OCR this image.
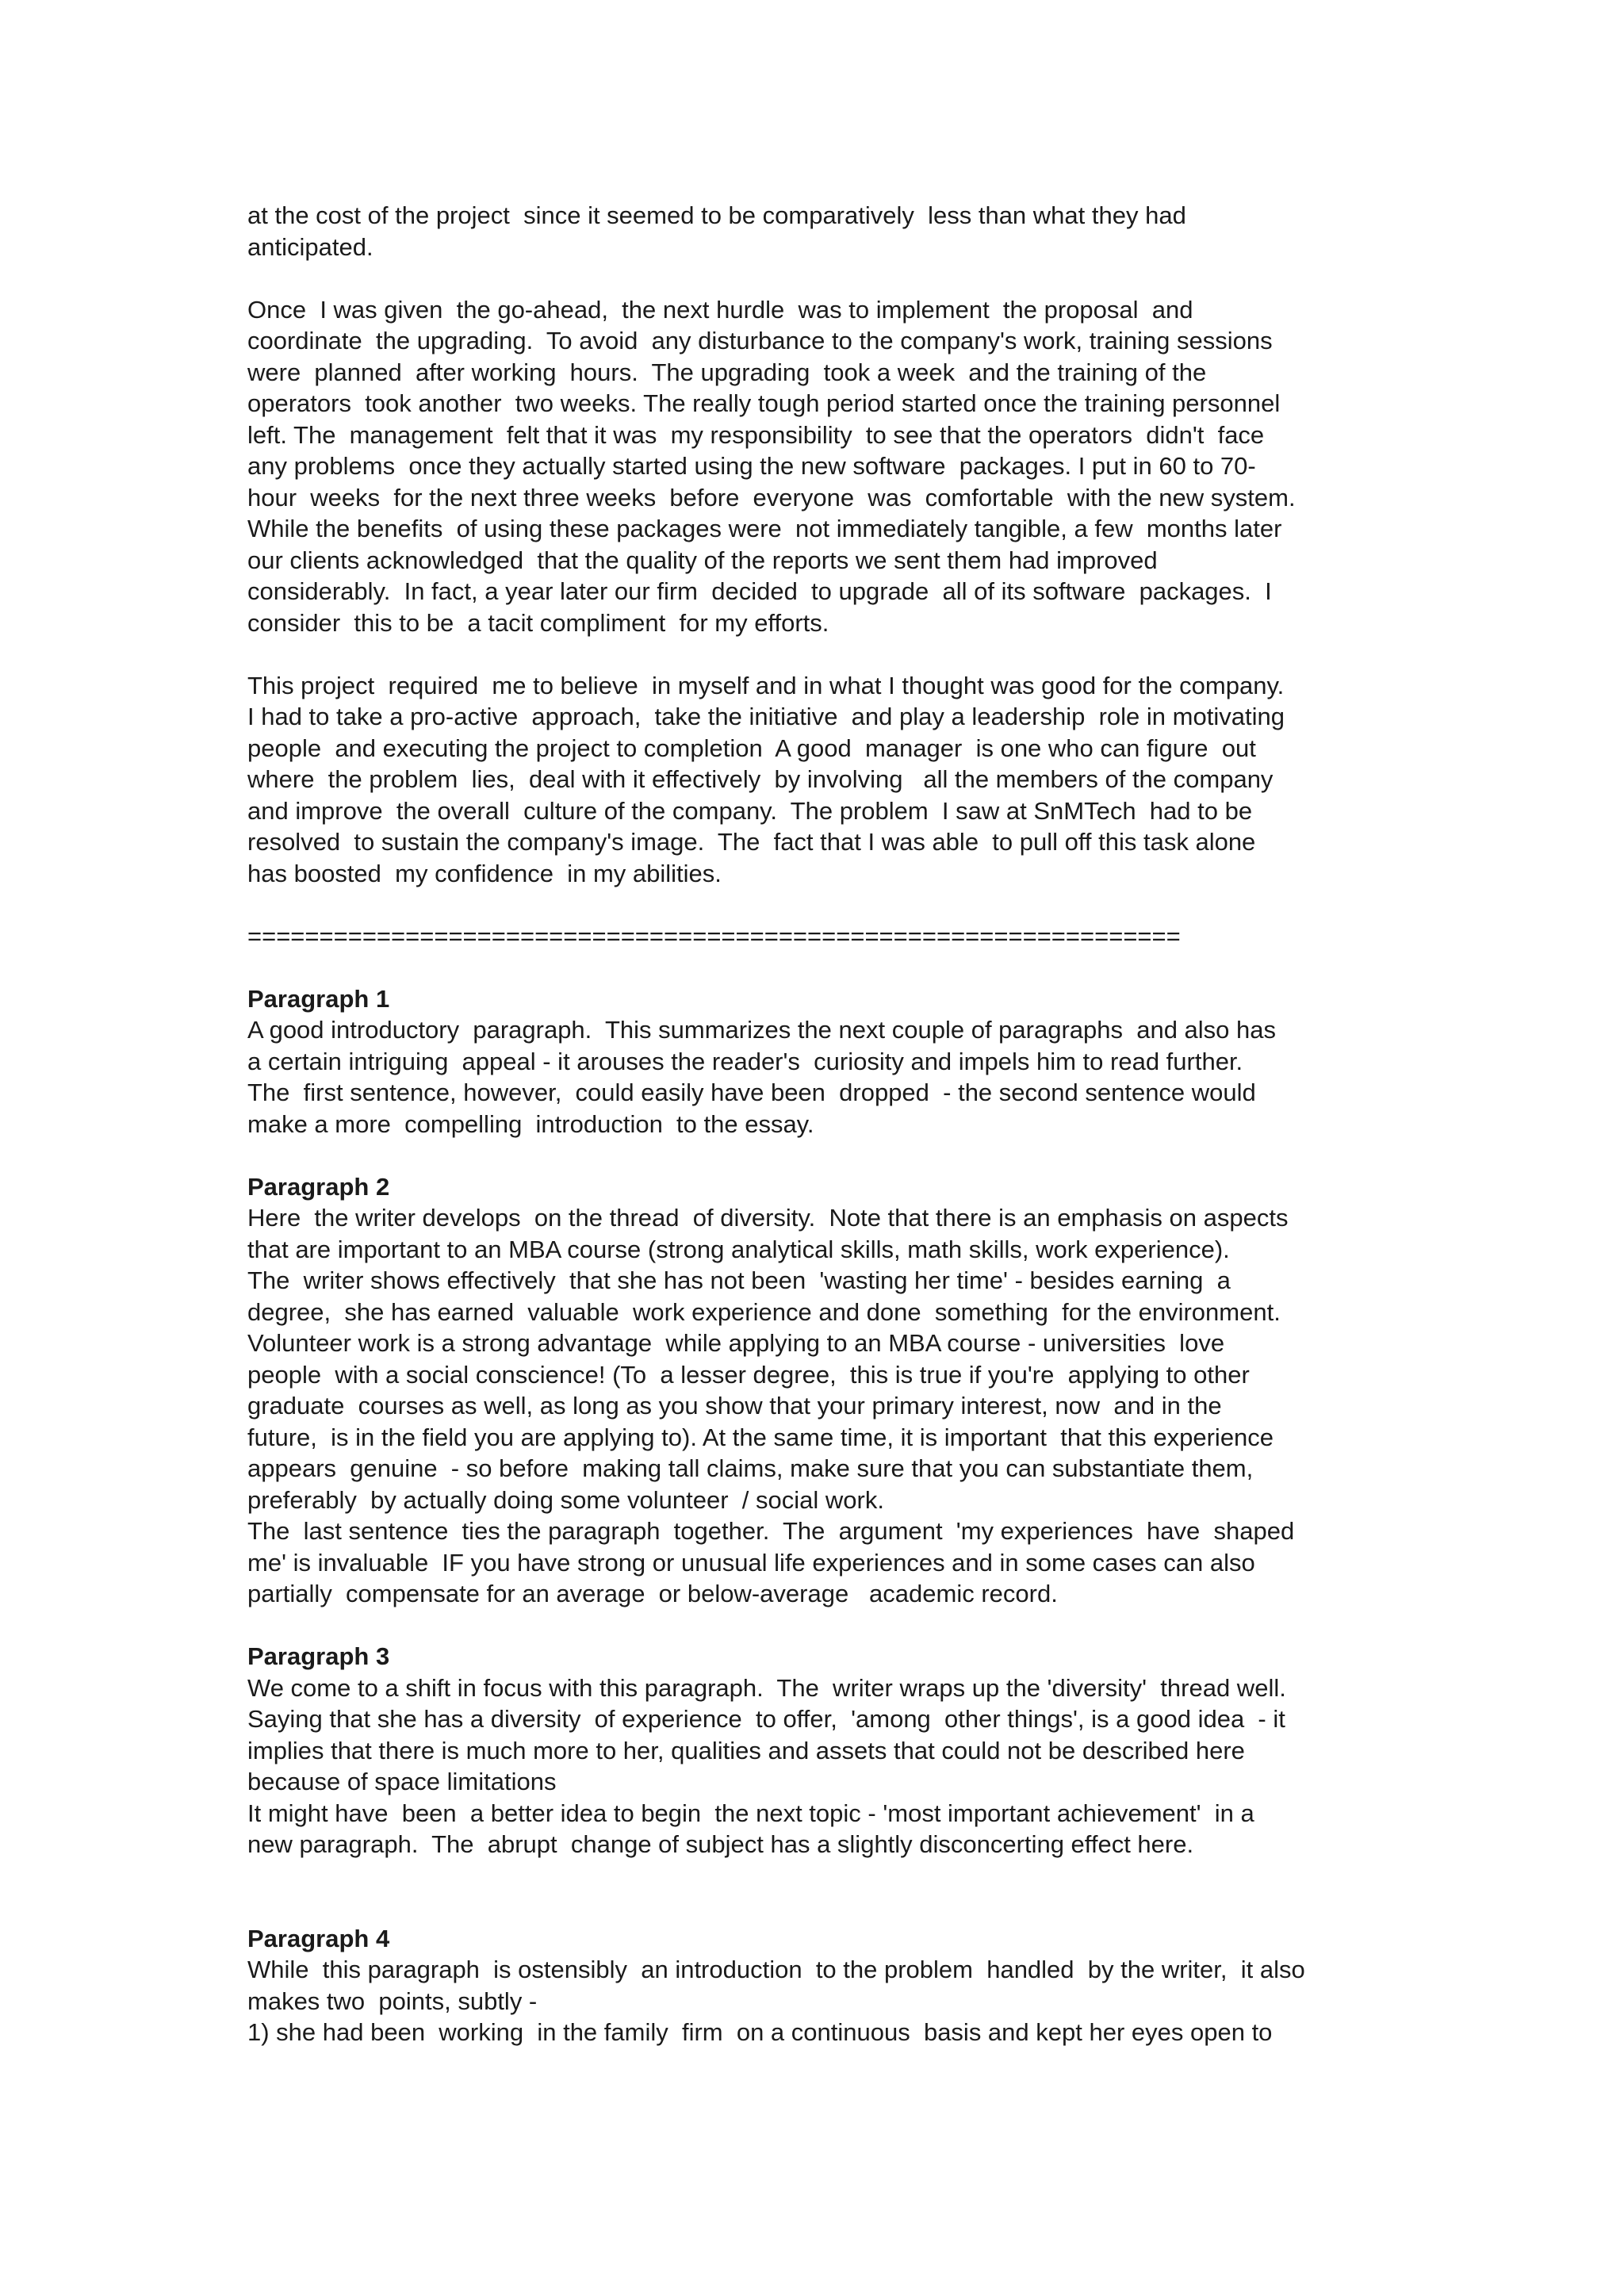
at the cost of the project  since it seemed to be comparatively  less than what they had
anticipated.
Once  I was given  the go-ahead,  the next hurdle  was to implement  the proposal  and
coordinate  the upgrading.  To avoid  any disturbance to the company's work, training sessions
were  planned  after working  hours.  The upgrading  took a week  and the training of the
operators  took another  two weeks. The really tough period started once the training personnel
left. The  management  felt that it was  my responsibility  to see that the operators  didn't  face
any problems  once they actually started using the new software  packages. I put in 60 to 70-
hour  weeks  for the next three weeks  before  everyone  was  comfortable  with the new system.
While the benefits  of using these packages were  not immediately tangible, a few  months later
our clients acknowledged  that the quality of the reports we sent them had improved
considerably.  In fact, a year later our firm  decided  to upgrade  all of its software  packages.  I
consider  this to be  a tacit compliment  for my efforts.
This project  required  me to believe  in myself and in what I thought was good for the company.
I had to take a pro-active  approach,  take the initiative  and play a leadership  role in motivating
people  and executing the project to completion  A good  manager  is one who can figure  out
where  the problem  lies,  deal with it effectively  by involving   all the members of the company
and improve  the overall  culture of the company.  The problem  I saw at SnMTech  had to be
resolved  to sustain the company's image.  The  fact that I was able  to pull off this task alone
has boosted  my confidence  in my abilities.
=================================================================
Paragraph 1
A good introductory  paragraph.  This summarizes the next couple of paragraphs  and also has
a certain intriguing  appeal - it arouses the reader's  curiosity and impels him to read further.
The  first sentence, however,  could easily have been  dropped  - the second sentence would
make a more  compelling  introduction  to the essay.
Paragraph 2
Here  the writer develops  on the thread  of diversity.  Note that there is an emphasis on aspects
that are important to an MBA course (strong analytical skills, math skills, work experience).
The  writer shows effectively  that she has not been  'wasting her time' - besides earning  a
degree,  she has earned  valuable  work experience and done  something  for the environment.
Volunteer work is a strong advantage  while applying to an MBA course - universities  love
people  with a social conscience! (To  a lesser degree,  this is true if you're  applying to other
graduate  courses as well, as long as you show that your primary interest, now  and in the
future,  is in the field you are applying to). At the same time, it is important  that this experience
appears  genuine  - so before  making tall claims, make sure that you can substantiate them,
preferably  by actually doing some volunteer  / social work.
The  last sentence  ties the paragraph  together.  The  argument  'my experiences  have  shaped
me' is invaluable  IF you have strong or unusual life experiences and in some cases can also
partially  compensate for an average  or below-average   academic record.
Paragraph 3
We come to a shift in focus with this paragraph.  The  writer wraps up the 'diversity'  thread well.
Saying that she has a diversity  of experience  to offer,  'among  other things', is a good idea  - it
implies that there is much more to her, qualities and assets that could not be described here
because of space limitations
It might have  been  a better idea to begin  the next topic - 'most important achievement'  in a
new paragraph.  The  abrupt  change of subject has a slightly disconcerting effect here.
Paragraph 4
While  this paragraph  is ostensibly  an introduction  to the problem  handled  by the writer,  it also
makes two  points, subtly -
1) she had been  working  in the family  firm  on a continuous  basis and kept her eyes open to
